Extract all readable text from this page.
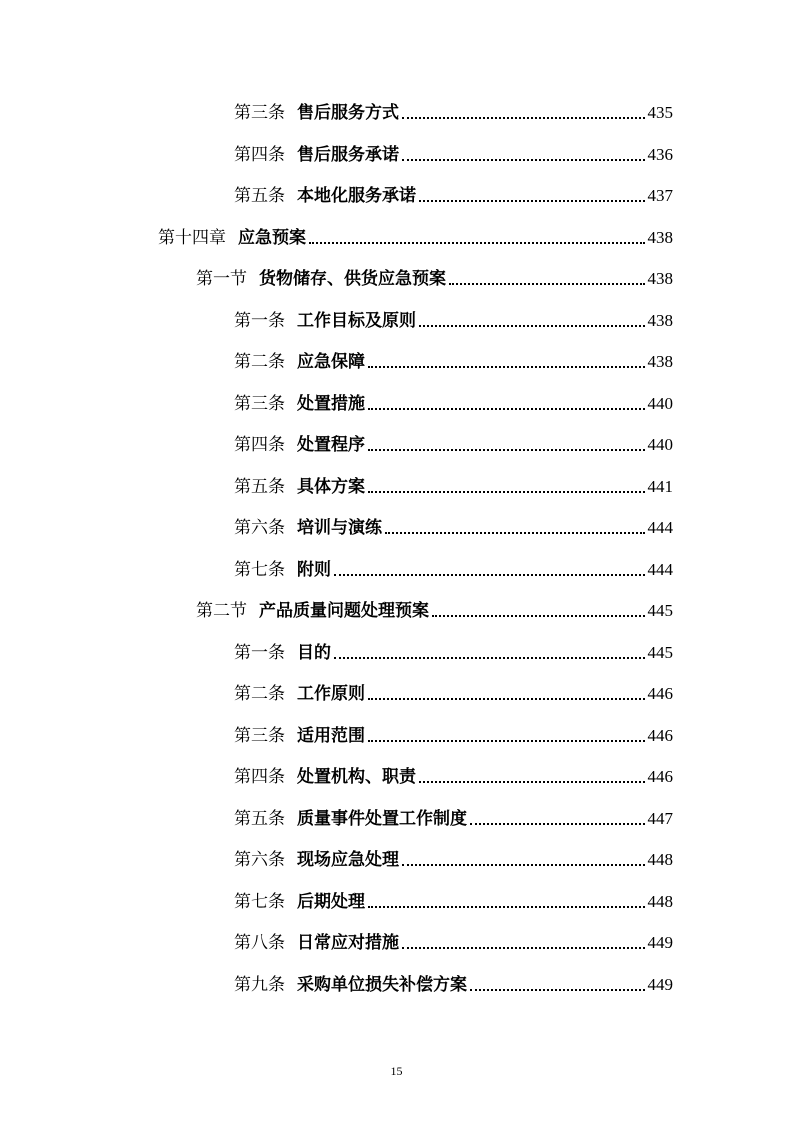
第三条 售后服务方式	435
第四条 售后服务承诺	436
第五条 本地化服务承诺	437
第十四章 应急预案	438
第一节 货物储存、供货应急预案	438
第一条 工作目标及原则	438
第二条 应急保障	438
第三条 处置措施	440
第四条 处置程序	440
第五条 具体方案	441
第六条 培训与演练	444
第七条 附则	444
第二节 产品质量问题处理预案	445
第一条 目的	445
第二条 工作原则	446
第三条 适用范围	446
第四条 处置机构、职责	446
第五条 质量事件处置工作制度	447
第六条 现场应急处理	448
第七条 后期处理	448
第八条 日常应对措施	449
第九条 采购单位损失补偿方案	449
15
